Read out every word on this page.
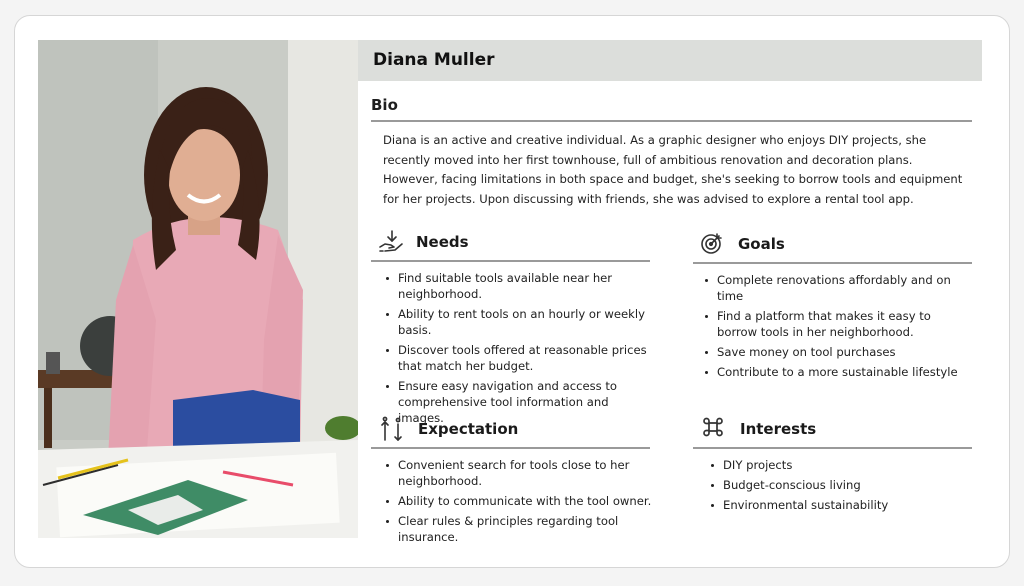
Diana Muller
Bio

Diana is an active and creative individual. As a graphic designer who enjoys DIY projects, she recently moved into her first townhouse, full of ambitious renovation and decoration plans. However, facing limitations in both space and budget, she's seeking to borrow tools and equipment for her projects. Upon discussing with friends, she was advised to explore a rental tool app.

Needs
Find suitable tools available near her neighborhood.
Ability to rent tools on an hourly or weekly basis.
Discover tools offered at reasonable prices that match her budget.
Ensure easy navigation and access to comprehensive tool information and images.
Goals
Complete renovations affordably and on time
Find a platform that makes it easy to borrow tools in her neighborhood.
Save money on tool purchases
Contribute to a more sustainable lifestyle
Expectation
Convenient search for tools close to her neighborhood.
Ability to communicate with the tool owner.
Clear rules & principles regarding tool insurance.
Interests
DIY projects
Budget-conscious living
Environmental sustainability
